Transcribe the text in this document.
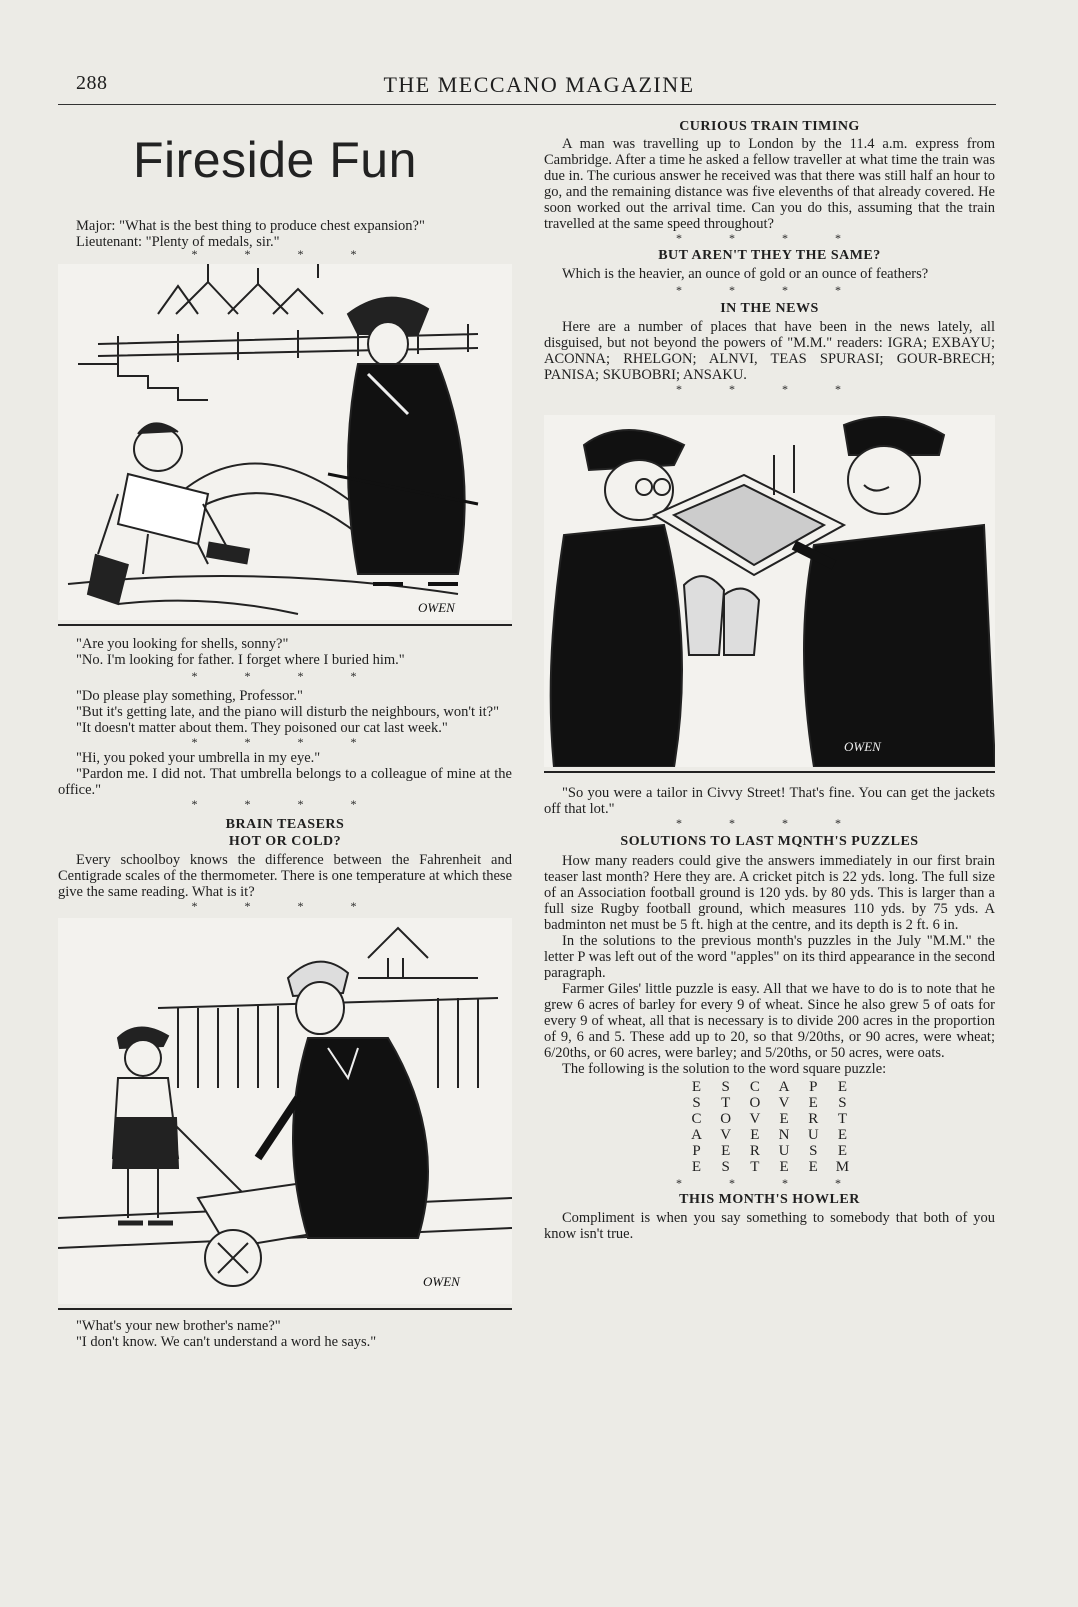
288	THE MECCANO MAGAZINE
Fireside Fun

Major: "What is the best thing to produce chest expansion?"

Lieutenant: "Plenty of medals, sir."

* * * *
OWEN

"Are you looking for shells, sonny?"

"No. I'm looking for father. I forget where I buried him."

* * * *

"Do please play something, Professor."

"But it's getting late, and the piano will disturb the neighbours, won't it?"

"It doesn't matter about them. They poisoned our cat last week."

* * * *

"Hi, you poked your umbrella in my eye."

"Pardon me. I did not. That umbrella belongs to a colleague of mine at the office."

* * * *

BRAIN TEASERS

HOT OR COLD?

Every schoolboy knows the difference between the Fahrenheit and Centigrade scales of the thermometer. There is one temperature at which these give the same reading. What is it?

* * * *
OWEN

"What's your new brother's name?"

"I don't know. We can't understand a word he says."

CURIOUS TRAIN TIMING

A man was travelling up to London by the 11.4 a.m. express from Cambridge. After a time he asked a fellow traveller at what time the train was due in. The curious answer he received was that there was still half an hour to go, and the remaining distance was five elevenths of that already covered. He soon worked out the arrival time. Can you do this, assuming that the train travelled at the same speed throughout?

* * * *

BUT AREN'T THEY THE SAME?

Which is the heavier, an ounce of gold or an ounce of feathers?

* * * *

IN THE NEWS

Here are a number of places that have been in the news lately, all disguised, but not beyond the powers of "M.M." readers: IGRA; EXBAYU; ACONNA; RHELGON; ALNVI, TEAS SPURASI; GOUR-BRECH; PANISA; SKUBOBRI; ANSAKU.

* * * *
OWEN

"So you were a tailor in Civvy Street! That's fine. You can get the jackets off that lot."

* * * *

SOLUTIONS TO LAST MQNTH'S PUZZLES

How many readers could give the answers immediately in our first brain teaser last month? Here they are. A cricket pitch is 22 yds. long. The full size of an Association football ground is 120 yds. by 80 yds. This is larger than a full size Rugby football ground, which measures 110 yds. by 75 yds. A badminton net must be 5 ft. high at the centre, and its depth is 2 ft. 6 in.

In the solutions to the previous month's puzzles in the July "M.M." the letter P was left out of the word "apples" on its third appearance in the second paragraph.

Farmer Giles' little puzzle is easy. All that we have to do is to note that he grew 6 acres of barley for every 9 of wheat. Since he also grew 5 of oats for every 9 of wheat, all that is necessary is to divide 200 acres in the proportion of 9, 6 and 5. These add up to 20, so that 9/20ths, or 90 acres, were wheat; 6/20ths, or 60 acres, were barley; and 5/20ths, or 50 acres, were oats.

The following is the solution to the word square puzzle:

E	S	C	A	P	E
S	T	O	V	E	S
C	O	V	E	R	T
A	V	E	N	U	E
P	E	R	U	S	E
E	S	T	E	E	M
* * * *

THIS MONTH'S HOWLER

Compliment is when you say something to somebody that both of you know isn't true.
